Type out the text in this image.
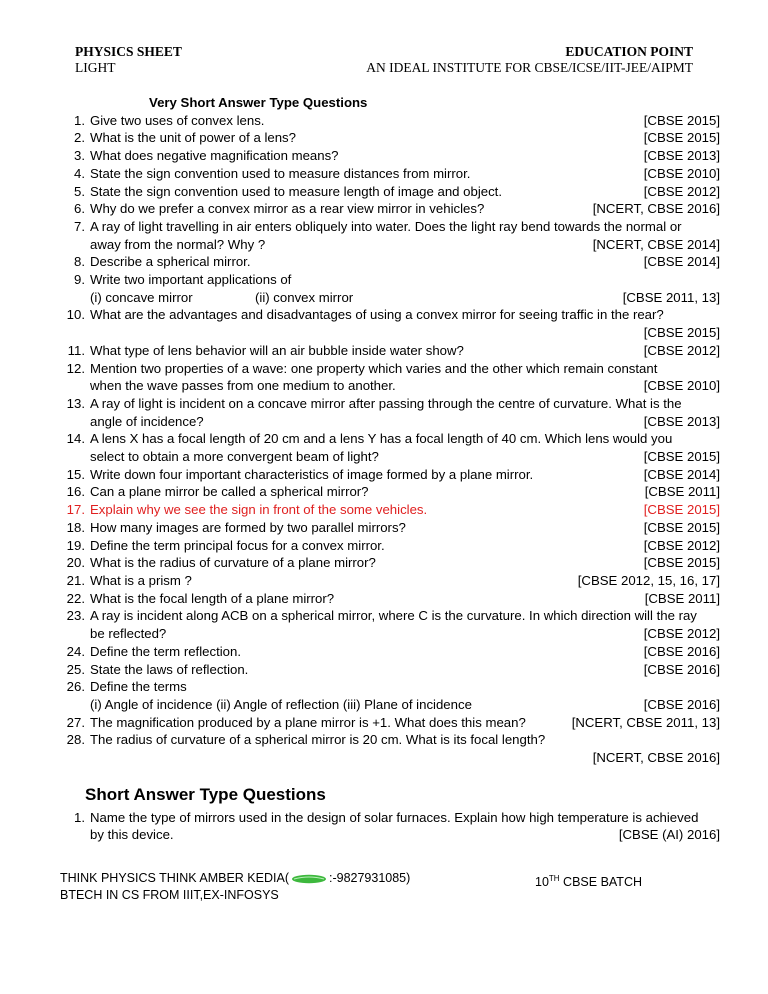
PHYSICS SHEET
LIGHT
EDUCATION POINT
AN IDEAL INSTITUTE FOR CBSE/ICSE/IIT-JEE/AIPMT
Very Short Answer Type Questions
1. Give two uses of convex lens.	[CBSE 2015]
2. What is the unit of power of a lens?	[CBSE 2015]
3. What does negative magnification means?	[CBSE 2013]
4. State the sign convention used to measure distances from mirror.	[CBSE 2010]
5. State the sign convention used to measure length of image and object.	[CBSE 2012]
6. Why do we prefer a convex mirror as a rear view mirror in vehicles?	[NCERT, CBSE 2016]
7. A ray of light travelling in air enters obliquely into water. Does the light ray bend towards the normal or
away from the normal? Why ?	[NCERT, CBSE 2014]
8. Describe a spherical mirror.	[CBSE 2014]
9. Write two important applications of
(i) concave mirror	(ii) convex mirror	[CBSE 2011, 13]
10. What are the advantages and disadvantages of using a convex mirror for seeing traffic in the rear?
[CBSE 2015]
11. What type of lens behavior will an air bubble inside water show?	[CBSE 2012]
12. Mention two properties of a wave: one property which varies and the other which remain constant
when the wave passes from one medium to another.	[CBSE 2010]
13. A ray of light is incident on a concave mirror after passing through the centre of curvature. What is the
angle of incidence?	[CBSE 2013]
14. A lens X has a focal length of 20 cm and a lens Y has a focal length of 40 cm. Which lens would you
select to obtain a more convergent beam of light?	[CBSE 2015]
15. Write down four important characteristics of image formed by a plane mirror.	[CBSE 2014]
16. Can a plane mirror be called a spherical mirror?	[CBSE 2011]
17. Explain why we see the sign in front of the some vehicles.	[CBSE 2015]
18. How many images are formed by two parallel mirrors?	[CBSE 2015]
19. Define the term principal focus for a convex mirror.	[CBSE 2012]
20. What is the radius of curvature of a plane mirror?	[CBSE 2015]
21. What is a prism ?	[CBSE 2012, 15, 16, 17]
22. What is the focal length of a plane mirror?	[CBSE 2011]
23. A ray is incident along ACB on a spherical mirror, where C is the curvature. In which direction will the ray
be reflected?	[CBSE 2012]
24. Define the term reflection.	[CBSE 2016]
25. State the laws of reflection.	[CBSE 2016]
26. Define the terms
(i) Angle of incidence (ii) Angle of reflection (iii) Plane of incidence	[CBSE 2016]
27. The magnification produced by a plane mirror is +1. What does this mean?	[NCERT, CBSE 2011, 13]
28. The radius of curvature of a spherical mirror is 20 cm. What is its focal length?
[NCERT, CBSE 2016]
Short Answer Type Questions
1. Name the type of mirrors used in the design of solar furnaces. Explain how high temperature is achieved
by this device.	[CBSE (AI) 2016]
THINK PHYSICS THINK AMBER KEDIA(	:-9827931085)
BTECH IN CS FROM IIIT,EX-INFOSYS
10TH CBSE BATCH
